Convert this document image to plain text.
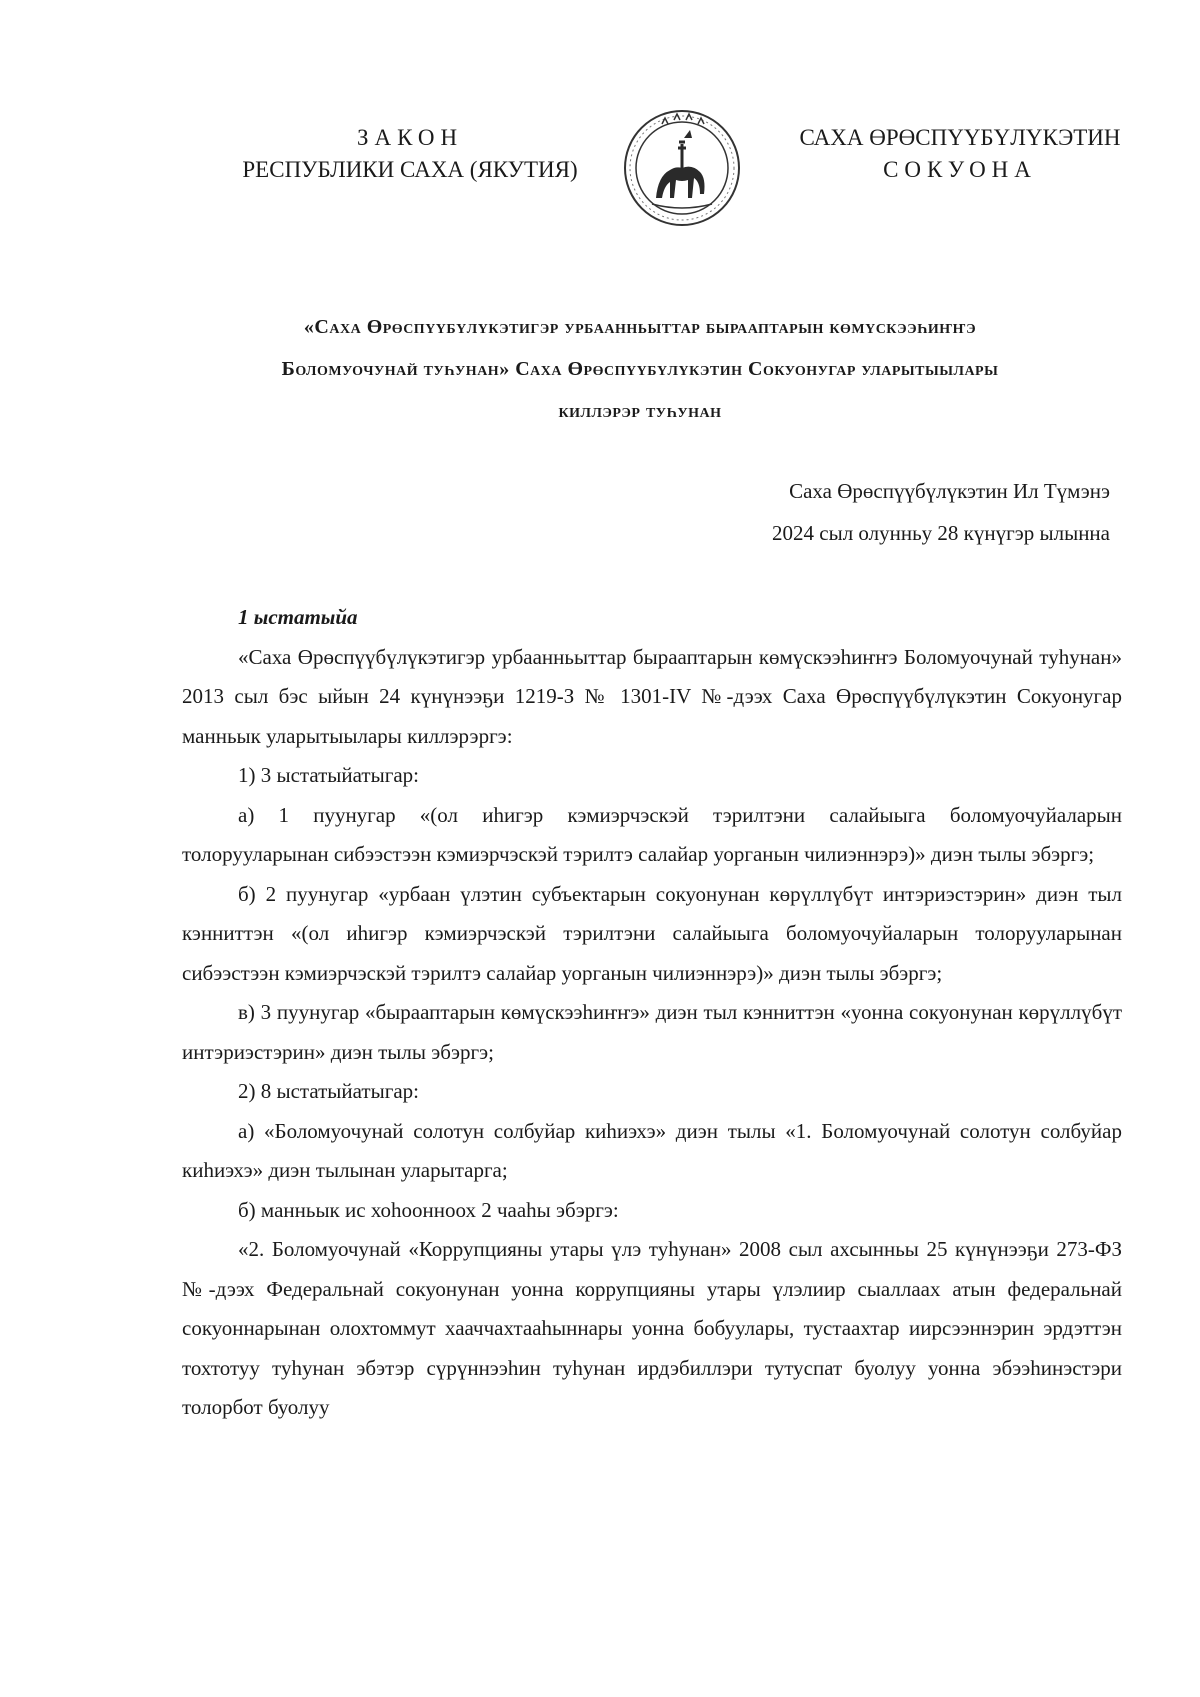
ЗАКОН
РЕСПУБЛИКИ САХА (ЯКУТИЯ)
САХА ӨРӨСПҮҮБҮЛҮКЭТИН
СОКУОНА
«Саха Өрөспүүбүлүкэтигэр урбаанньыттар бырааптарын көмүскээһиҥҥэ
Боломуочунай туһунан» Саха Өрөспүүбүлүкэтин Сокуонугар уларытыылары
киллэрэр туһунан
Саха Өрөспүүбүлүкэтин Ил Түмэнэ
2024 сыл олунньу 28 күнүгэр ылынна

1 ыстатыйа

«Саха Өрөспүүбүлүкэтигэр урбаанньыттар бырааптарын көмүскээһиҥҥэ Боломуочунай туһунан» 2013 сыл бэс ыйын 24 күнүнээҕи 1219-З № 1301-IV №-дээх Саха Өрөспүүбүлүкэтин Сокуонугар манньык уларытыылары киллэрэргэ:

1) 3 ыстатыйатыгар:

а) 1 пуунугар «(ол иһигэр кэмиэрчэскэй тэрилтэни салайыыга боломуочуйаларын толорууларынан сибээстээн кэмиэрчэскэй тэрилтэ салайар уорганын чилиэннэрэ)» диэн тылы эбэргэ;

б) 2 пуунугар «урбаан үлэтин субъектарын сокуонунан көрүллүбүт интэриэстэрин» диэн тыл кэнниттэн «(ол иһигэр кэмиэрчэскэй тэрилтэни салайыыга боломуочуйаларын толорууларынан сибээстээн кэмиэрчэскэй тэрилтэ салайар уорганын чилиэннэрэ)» диэн тылы эбэргэ;

в) 3 пуунугар «бырааптарын көмүскээһиҥҥэ» диэн тыл кэнниттэн «уонна сокуонунан көрүллүбүт интэриэстэрин» диэн тылы эбэргэ;

2) 8 ыстатыйатыгар:

а) «Боломуочунай солотун солбуйар киһиэхэ» диэн тылы «1. Боломуочунай солотун солбуйар киһиэхэ» диэн тылынан уларытарга;

б) манньык ис хоһоонноох 2 чааһы эбэргэ:

«2. Боломуочунай «Коррупцияны утары үлэ туһунан» 2008 сыл ахсынньы 25 күнүнээҕи 273-ФЗ №-дээх Федеральнай сокуонунан уонна коррупцияны утары үлэлиир сыаллаах атын федеральнай сокуоннарынан олохтоммут хааччахтааһыннары уонна бобуулары, тустаахтар иирсээннэрин эрдэттэн тохтотуу туһунан эбэтэр сүрүннээһин туһунан ирдэбиллэри тутуспат буолуу уонна эбээһинэстэри толорбот буолуу
